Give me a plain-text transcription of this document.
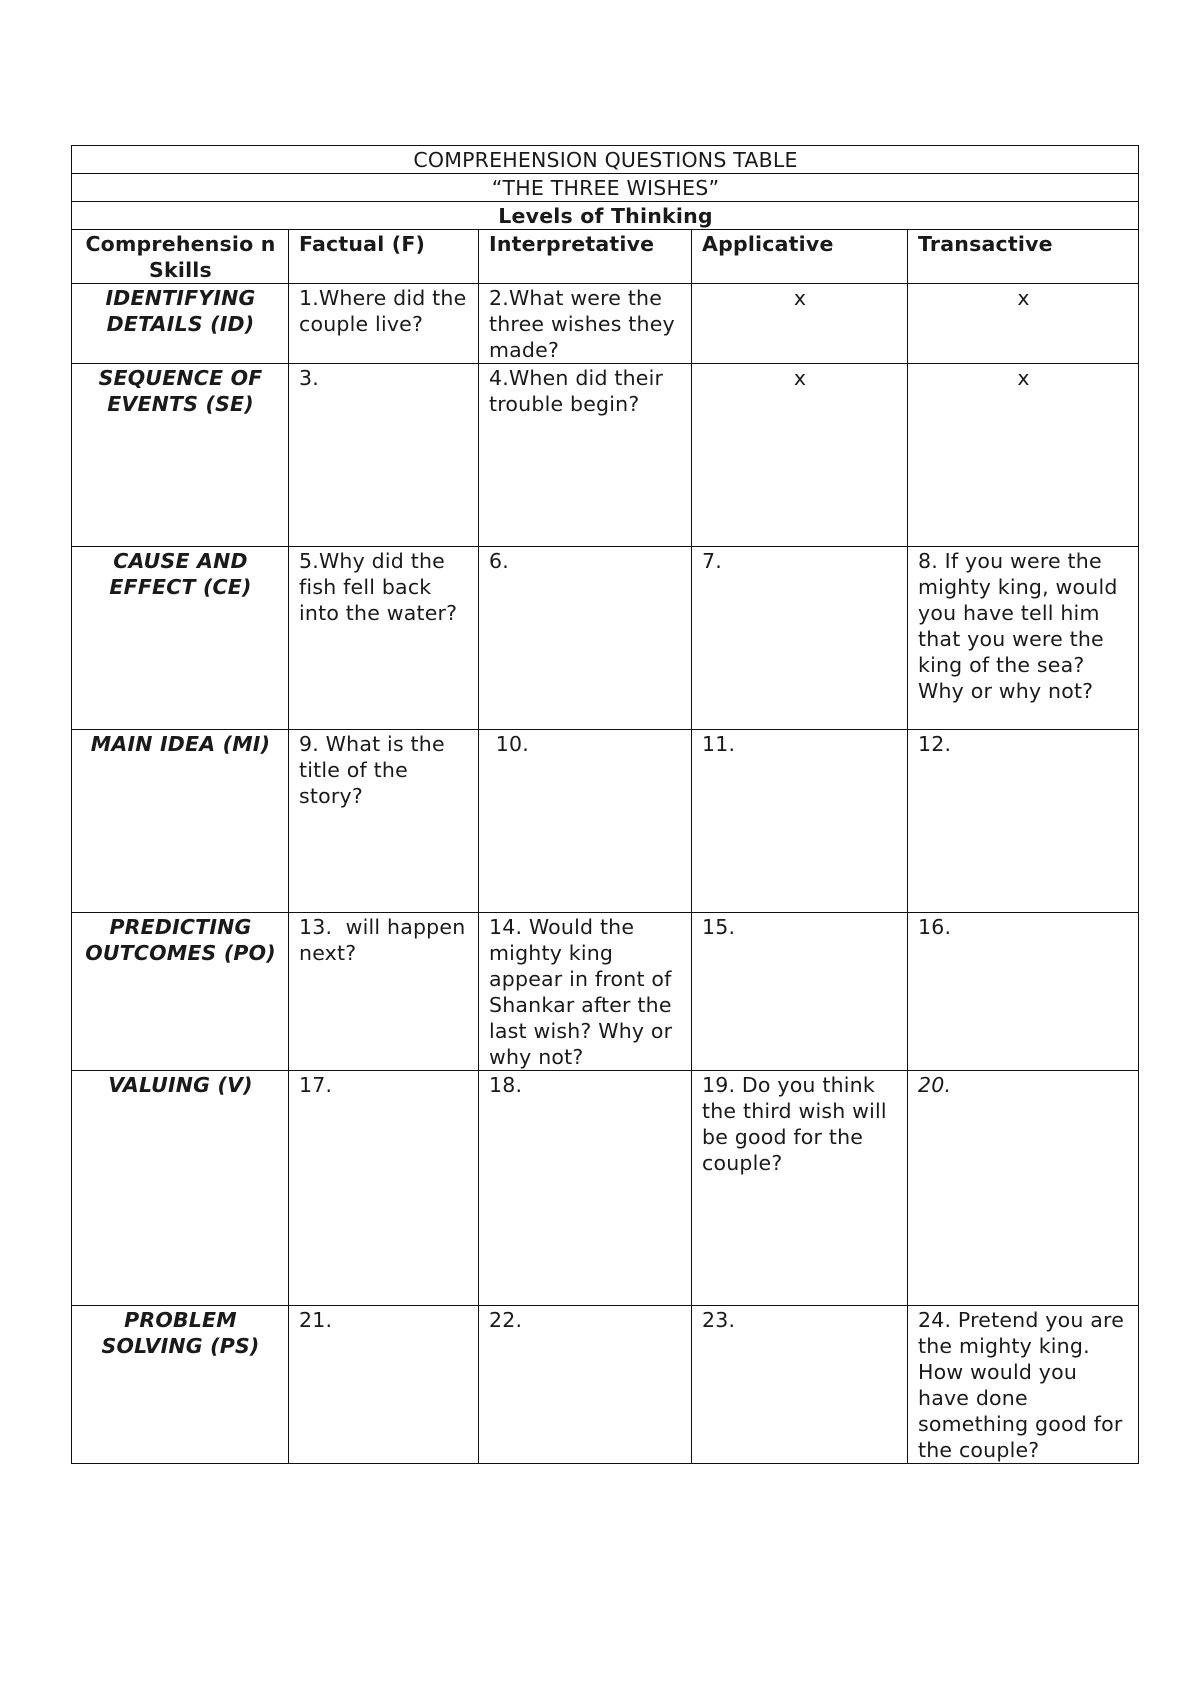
COMPREHENSION QUESTIONS TABLE				
“THE THREE WISHES”				
Levels of Thinking				
Comprehensio n Skills	Factual (F)	Interpretative	Applicative	Transactive
IDENTIFYING DETAILS (ID)	1.Where did the couple live?	2.What were the three wishes they made?	x	x
SEQUENCE OF EVENTS (SE)	3.	4.When did their trouble begin?	x	x
CAUSE AND EFFECT (CE)	5.Why did the fish fell back into the water?	6.	7.	8. If you were the mighty king, would you have tell him that you were the king of the sea? Why or why not?
MAIN IDEA (MI)	9. What is the title of the story?	10.	11.	12.
PREDICTING OUTCOMES (PO)	13.  will happen next?	14. Would the mighty king appear in front of Shankar after the last wish? Why or why not?	15.	16.
VALUING (V)	17.	18.	19. Do you think the third wish will be good for the couple?	20.
PROBLEM SOLVING (PS)	21.	22.	23.	24. Pretend you are the mighty king. How would you have done something good for the couple?
